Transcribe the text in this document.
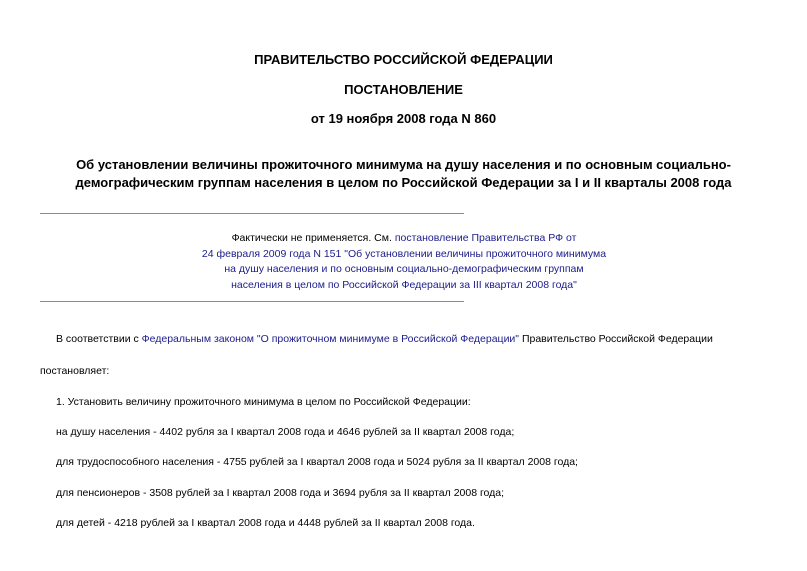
ПРАВИТЕЛЬСТВО РОССИЙСКОЙ ФЕДЕРАЦИИ
ПОСТАНОВЛЕНИЕ
от 19 ноября 2008 года N 860
Об установлении величины прожиточного минимума на душу населения и по основным социально-
демографическим группам населения в целом по Российской Федерации за I и II кварталы 2008 года
Фактически не применяется. См. постановление Правительства РФ от
24 февраля 2009 года N 151 "Об установлении величины прожиточного минимума
на душу населения и по основным социально-демографическим группам
населения в целом по Российской Федерации за III квартал 2008 года"
В соответствии с Федеральным законом "О прожиточном минимуме в Российской Федерации" Правительство Российской Федерации
постановляет:
1. Установить величину прожиточного минимума в целом по Российской Федерации:
на душу населения - 4402 рубля за I квартал 2008 года и 4646 рублей за II квартал 2008 года;
для трудоспособного населения - 4755 рублей за I квартал 2008 года и 5024 рубля за II квартал 2008 года;
для пенсионеров - 3508 рублей за I квартал 2008 года и 3694 рубля за II квартал 2008 года;
для детей - 4218 рублей за I квартал 2008 года и 4448 рублей за II квартал 2008 года.
